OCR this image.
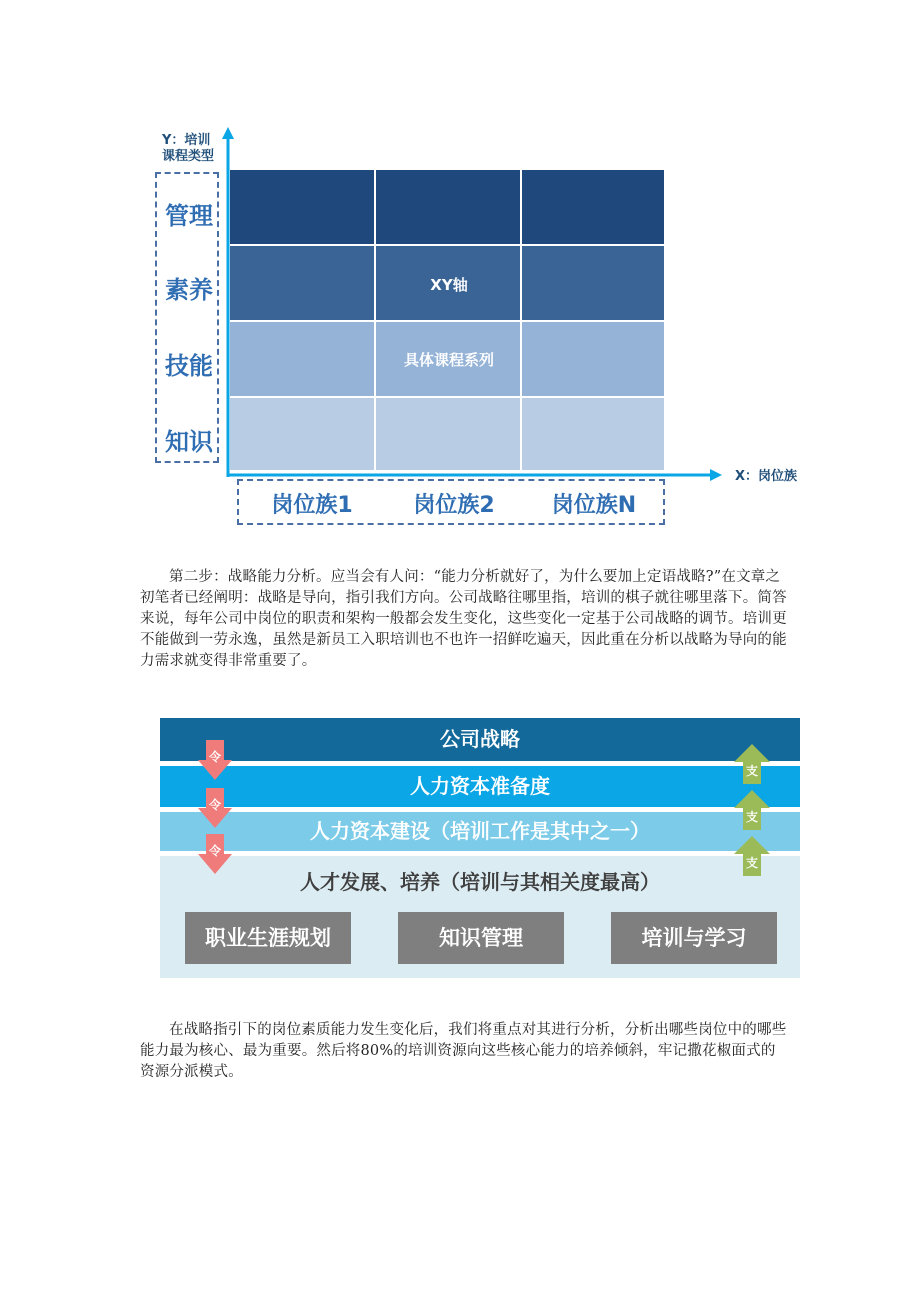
Y：培训
课程类型
管理
素养
技能
知识
XY轴
具体课程系列
X：岗位族
岗位族1	岗位族2	岗位族N

第二步：战略能力分析。应当会有人问：“能力分析就好了，为什么要加上定语战略?”在文章之初笔者已经阐明：战略是导向，指引我们方向。公司战略往哪里指，培训的棋子就往哪里落下。简答来说，每年公司中岗位的职责和架构一般都会发生变化，这些变化一定基于公司战略的调节。培训更不能做到一劳永逸，虽然是新员工入职培训也不也许一招鲜吃遍天，因此重在分析以战略为导向的能力需求就变得非常重要了。

公司战略
人力资本准备度
人力资本建设（培训工作是其中之一）
人才发展、培养（培训与其相关度最高）
职业生涯规划	知识管理	培训与学习
令
令
令
支
支
支

在战略指引下的岗位素质能力发生变化后，我们将重点对其进行分析，分析出哪些岗位中的哪些能力最为核心、最为重要。然后将80%的培训资源向这些核心能力的培养倾斜，牢记撒花椒面式的资源分派模式。
